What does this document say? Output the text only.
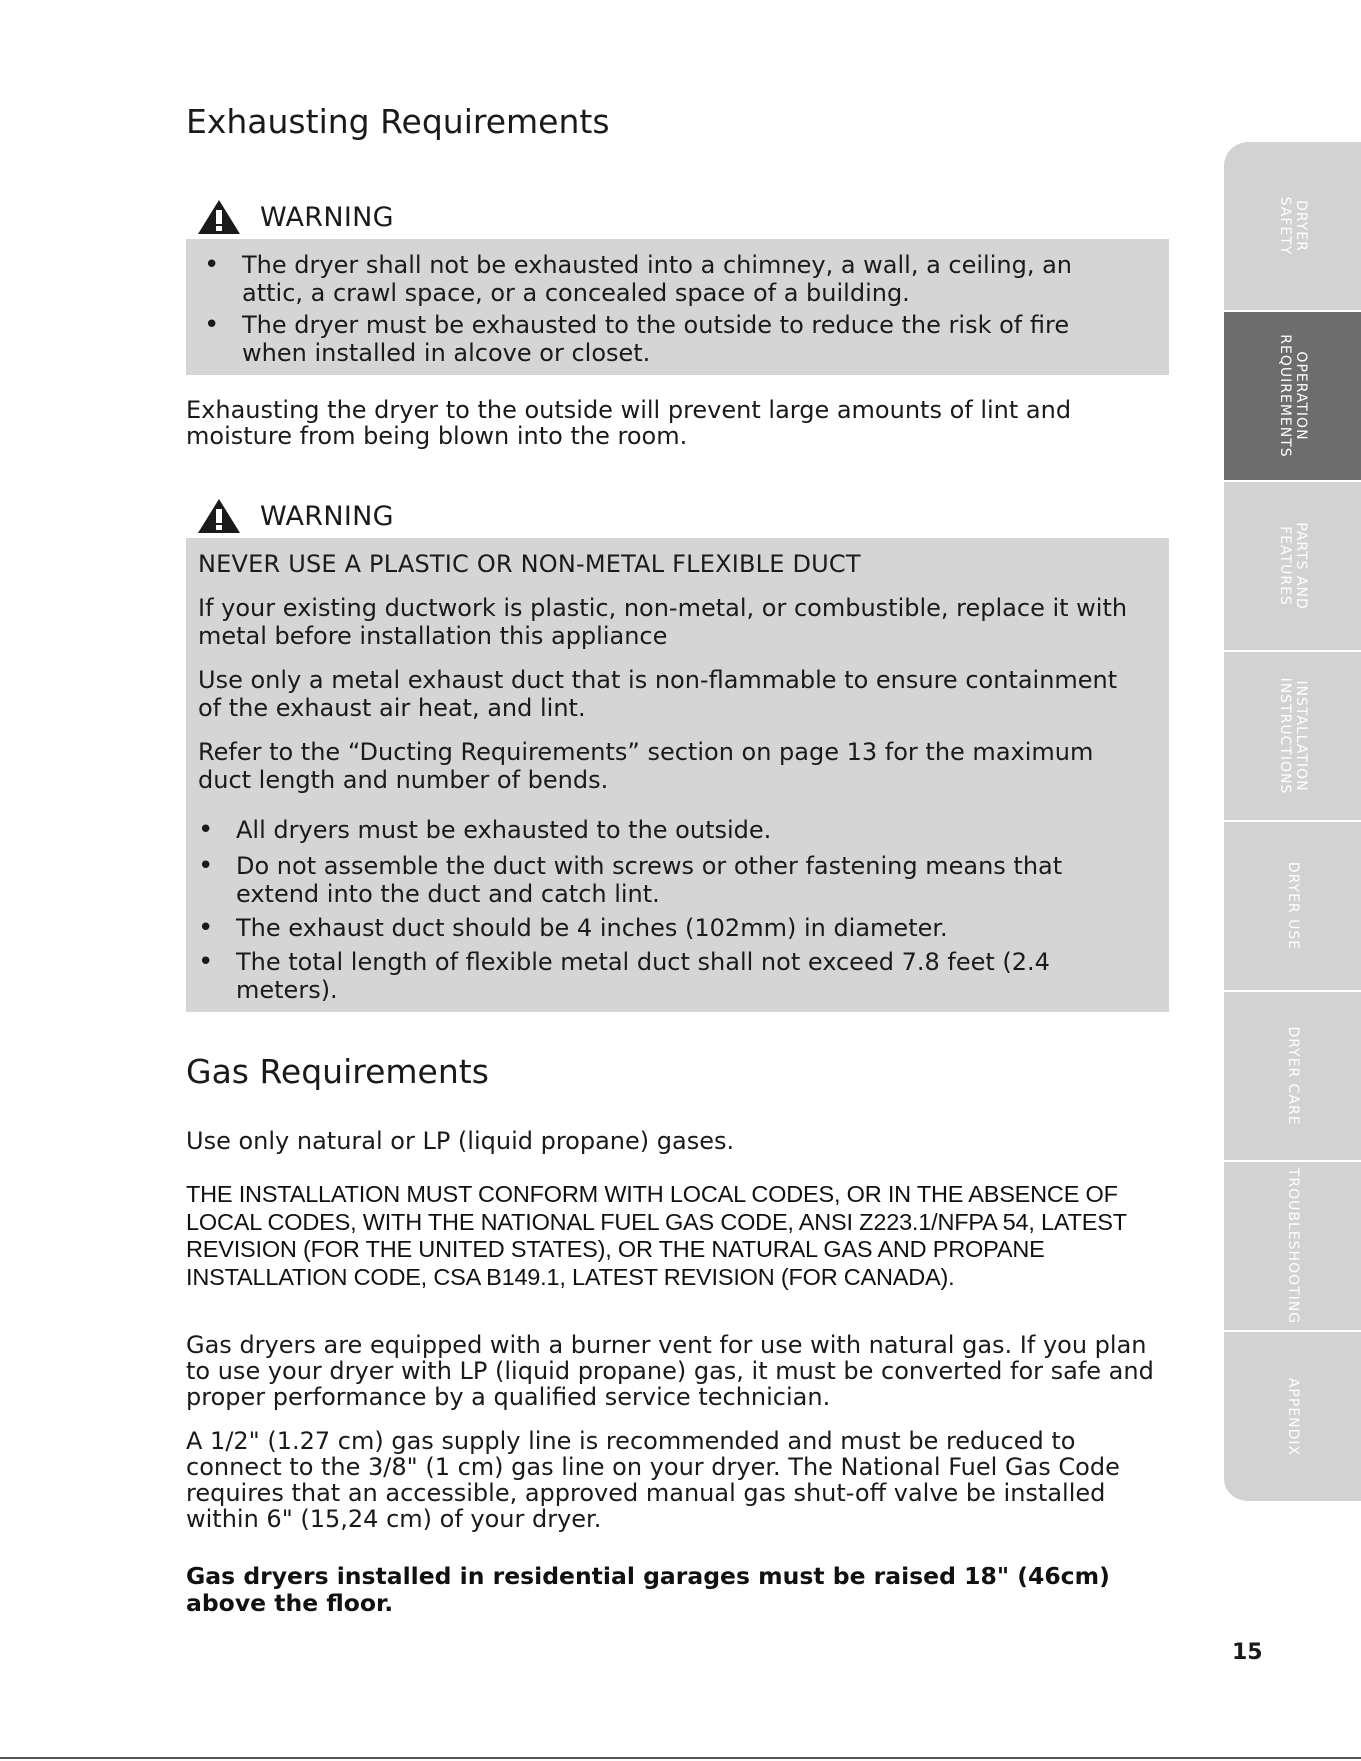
Exhausting Requirements
WARNING
• The dryer shall not be exhausted into a chimney, a wall, a ceiling, an attic, a crawl space, or a concealed space of a building.
• The dryer must be exhausted to the outside to reduce the risk of fire when installed in alcove or closet.
Exhausting the dryer to the outside will prevent large amounts of lint and moisture from being blown into the room.
WARNING

NEVER USE A PLASTIC OR NON-METAL FLEXIBLE DUCT

If your existing ductwork is plastic, non-metal, or combustible, replace it with metal before installation this appliance

Use only a metal exhaust duct that is non-flammable to ensure containment of the exhaust air heat, and lint.

Refer to the “Ducting Requirements” section on page 13 for the maximum duct length and number of bends.

• All dryers must be exhausted to the outside.
• Do not assemble the duct with screws or other fastening means that extend into the duct and catch lint.
• The exhaust duct should be 4 inches (102mm) in diameter.
• The total length of flexible metal duct shall not exceed 7.8 feet (2.4 meters).
Gas Requirements
Use only natural or LP (liquid propane) gases.
THE INSTALLATION MUST CONFORM WITH LOCAL CODES, OR IN THE ABSENCE OF LOCAL CODES, WITH THE NATIONAL FUEL GAS CODE, ANSI Z223.1/NFPA 54, LATEST REVISION (FOR THE UNITED STATES), OR THE NATURAL GAS AND PROPANE INSTALLATION CODE, CSA B149.1, LATEST REVISION (FOR CANADA).
Gas dryers are equipped with a burner vent for use with natural gas. If you plan to use your dryer with LP (liquid propane) gas, it must be converted for safe and proper performance by a qualified service technician.
A 1/2" (1.27 cm) gas supply line is recommended and must be reduced to connect to the 3/8" (1 cm) gas line on your dryer. The National Fuel Gas Code requires that an accessible, approved manual gas shut-off valve be installed within 6" (15,24 cm) of your dryer.
Gas dryers installed in residential garages must be raised 18" (46cm) above the floor.
DRYER
SAFETY
OPERATION
REQUIREMENTS
PARTS AND
FEATURES
INSTALLATION
INSTRUCTIONS
DRYER USE
DRYER CARE
TROUBLESHOOTING
APPENDIX
15
